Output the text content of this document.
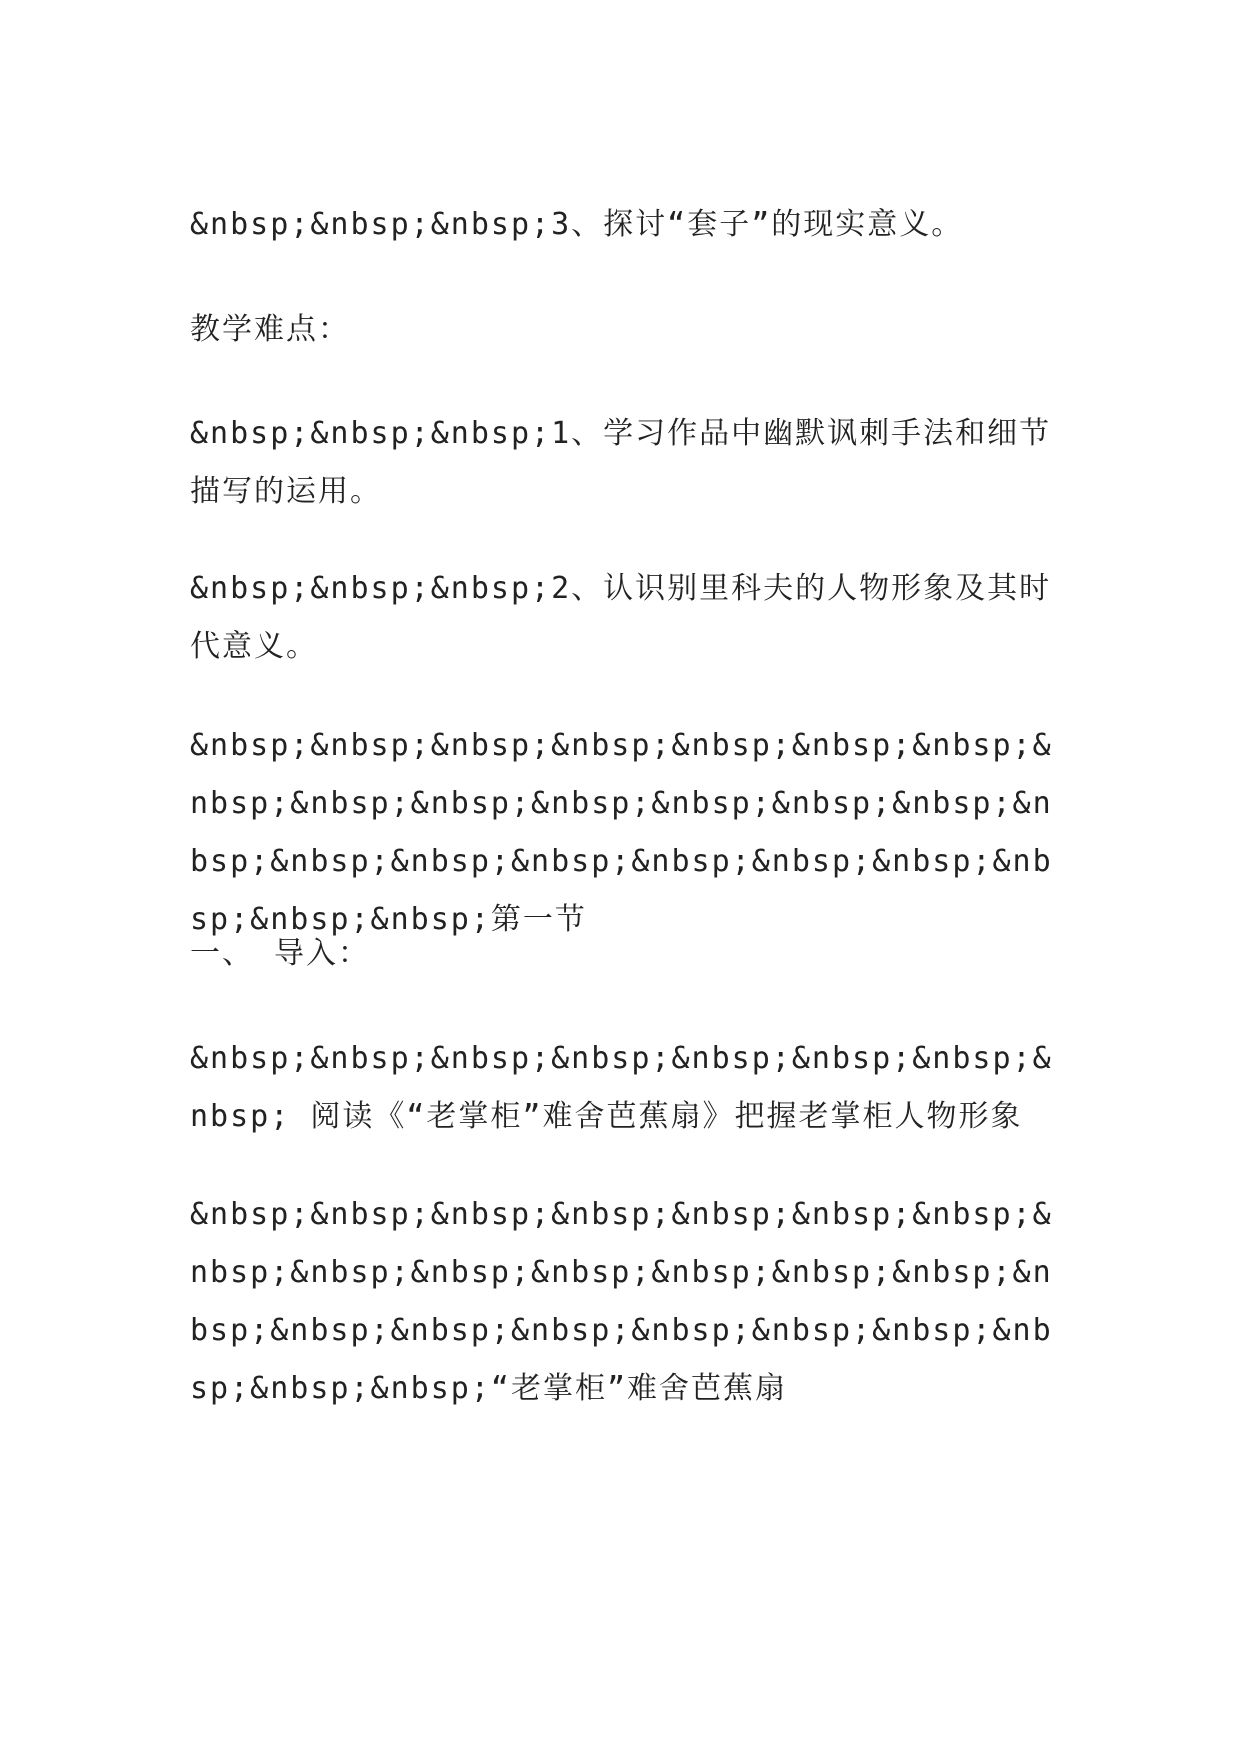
&nbsp;&nbsp;&nbsp;3、探讨“套子”的现实意义。
教学难点：
&nbsp;&nbsp;&nbsp;1、学习作品中幽默讽刺手法和细节描写的运用。
&nbsp;&nbsp;&nbsp;2、认识别里科夫的人物形象及其时代意义。
&nbsp;&nbsp;&nbsp;&nbsp;&nbsp;&nbsp;&nbsp;&nbsp;&nbsp;&nbsp;&nbsp;&nbsp;&nbsp;&nbsp;&nbsp;&nbsp;&nbsp;&nbsp;&nbsp;&nbsp;&nbsp;&nbsp;&nbsp;&nbsp;第一节
一、 导入：
&nbsp;&nbsp;&nbsp;&nbsp;&nbsp;&nbsp;&nbsp;&nbsp; 阅读《“老掌柜”难舍芭蕉扇》把握老掌柜人物形象
&nbsp;&nbsp;&nbsp;&nbsp;&nbsp;&nbsp;&nbsp;&nbsp;&nbsp;&nbsp;&nbsp;&nbsp;&nbsp;&nbsp;&nbsp;&nbsp;&nbsp;&nbsp;&nbsp;&nbsp;&nbsp;&nbsp;&nbsp;&nbsp;“老掌柜”难舍芭蕉扇
